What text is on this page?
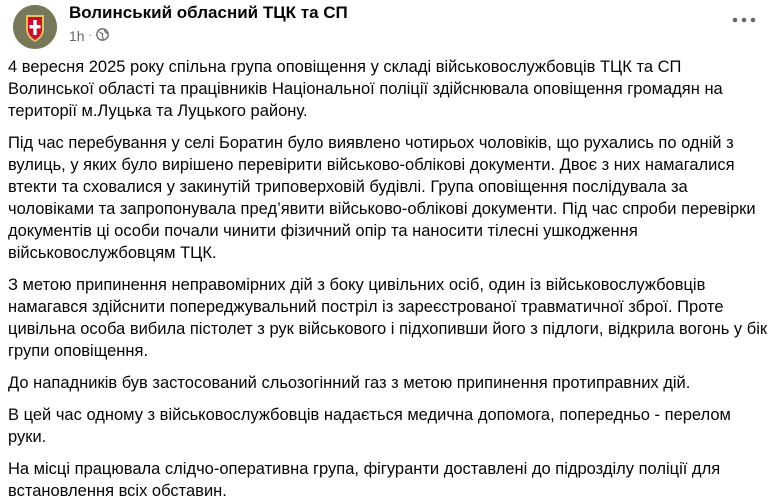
Волинський обласний ТЦК та СП
1h ·

4 вересня 2025 року спільна група оповіщення у складі військовослужбовців ТЦК та СП Волинської області та працівників Національної поліції здійснювала оповіщення громадян на території м.Луцька та Луцького району.

Під час перебування у селі Боратин було виявлено чотирьох чоловіків, що рухались по одній з вулиць, у яких було вирішено перевірити військово-облікові документи. Двоє з них намагалися втекти та сховалися у закинутій триповерховій будівлі. Група оповіщення послідувала за чоловіками та запропонувала пред’явити військово-облікові документи. Під час спроби перевірки документів ці особи почали чинити фізичний опір та наносити тілесні ушкодження військовослужбовцям ТЦК.

З метою припинення неправомірних дій з боку цивільних осіб, один із військовослужбовців намагався здійснити попереджувальний постріл із зареєстрованої травматичної зброї. Проте цивільна особа вибила пістолет з рук військового і підхопивши його з підлоги, відкрила вогонь у бік групи оповіщення.

До нападників був застосований сльозогінний газ з метою припинення протиправних дій.

В цей час одному з військовослужбовців надається медична допомога, попередньо - перелом руки.

На місці працювала слідчо-оперативна група, фігуранти доставлені до підрозділу поліції для встановлення всіх обставин.
